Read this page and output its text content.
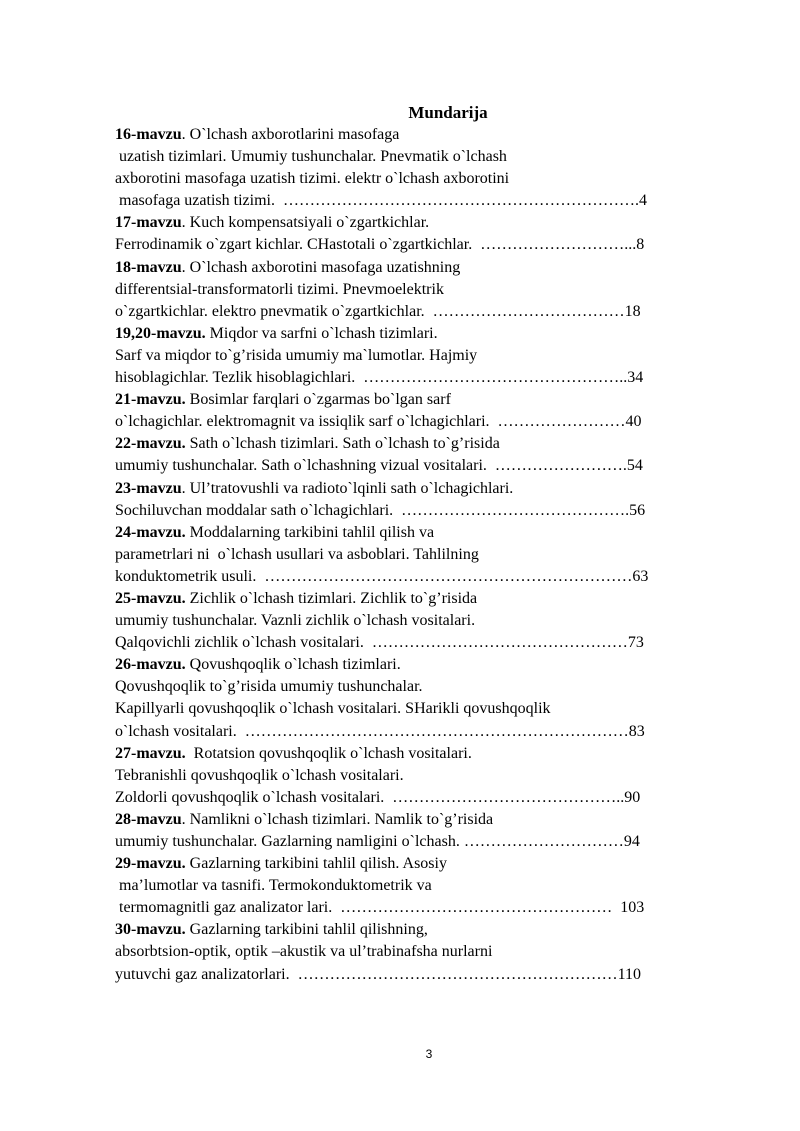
Mundarija
16-mavzu. O`lchash axborotlarini masofaga
uzatish tizimlari. Umumiy tushunchalar. Pnevmatik o`lchash
axborotini masofaga uzatish tizimi. elektr o`lchash axborotini
masofaga uzatish tizimi.  ………………………………………………………….4
17-mavzu. Kuch kompensatsiyali o`zgartkichlar.
Ferrodinamik o`zgart kichlar. CHastotali o`zgartkichlar.  ………………………...8
18-mavzu. O`lchash axborotini masofaga uzatishning
differentsial-transformatorli tizimi. Pnevmoelektrik
o`zgartkichlar. elektro pnevmatik o`zgartkichlar.  ………………………………18
19,20-mavzu. Miqdor va sarfni o`lchash tizimlari.
Sarf va miqdor to`g’risida umumiy ma`lumotlar. Hajmiy
hisoblagichlar. Tezlik hisoblagichlari.  …………………………………………..34
21-mavzu. Bosimlar farqlari o`zgarmas bo`lgan sarf
o`lchagichlar. elektromagnit va issiqlik sarf o`lchagichlari.  ……………………40
22-mavzu. Sath o`lchash tizimlari. Sath o`lchash to`g’risida
umumiy tushunchalar. Sath o`lchashning vizual vositalari.  …………………….54
23-mavzu. Ul’tratovushli va radioto`lqinli sath o`lchagichlari.
Sochiluvchan moddalar sath o`lchagichlari.  …………………………………….56
24-mavzu. Moddalarning tarkibini tahlil qilish va
parametrlari ni  o`lchash usullari va asboblari. Tahlilning
konduktometrik usuli.  ……………………………………………………………63
25-mavzu. Zichlik o`lchash tizimlari. Zichlik to`g’risida
umumiy tushunchalar. Vaznli zichlik o`lchash vositalari.
Qalqovichli zichlik o`lchash vositalari.  …………………………………………73
26-mavzu. Qovushqoqlik o`lchash tizimlari.
Qovushqoqlik to`g’risida umumiy tushunchalar.
Kapillyarli qovushqoqlik o`lchash vositalari. SHarikli qovushqoqlik
o`lchash vositalari.  ………………………………………………………………83
27-mavzu.  Rotatsion qovushqoqlik o`lchash vositalari.
Tebranishli qovushqoqlik o`lchash vositalari.
Zoldorli qovushqoqlik o`lchash vositalari.  ……………………………………..90
28-mavzu. Namlikni o`lchash tizimlari. Namlik to`g’risida
umumiy tushunchalar. Gazlarning namligini o`lchash. …………………………94
29-mavzu. Gazlarning tarkibini tahlil qilish. Asosiy
ma’lumotlar va tasnifi. Termokonduktometrik va
termomagnitli gaz analizator lari.  ……………………………………………  103
30-mavzu. Gazlarning tarkibini tahlil qilishning,
absorbtsion-optik, optik –akustik va ul’trabinafsha nurlarni
yutuvchi gaz analizatorlari.  ……………………………………………………110
3
